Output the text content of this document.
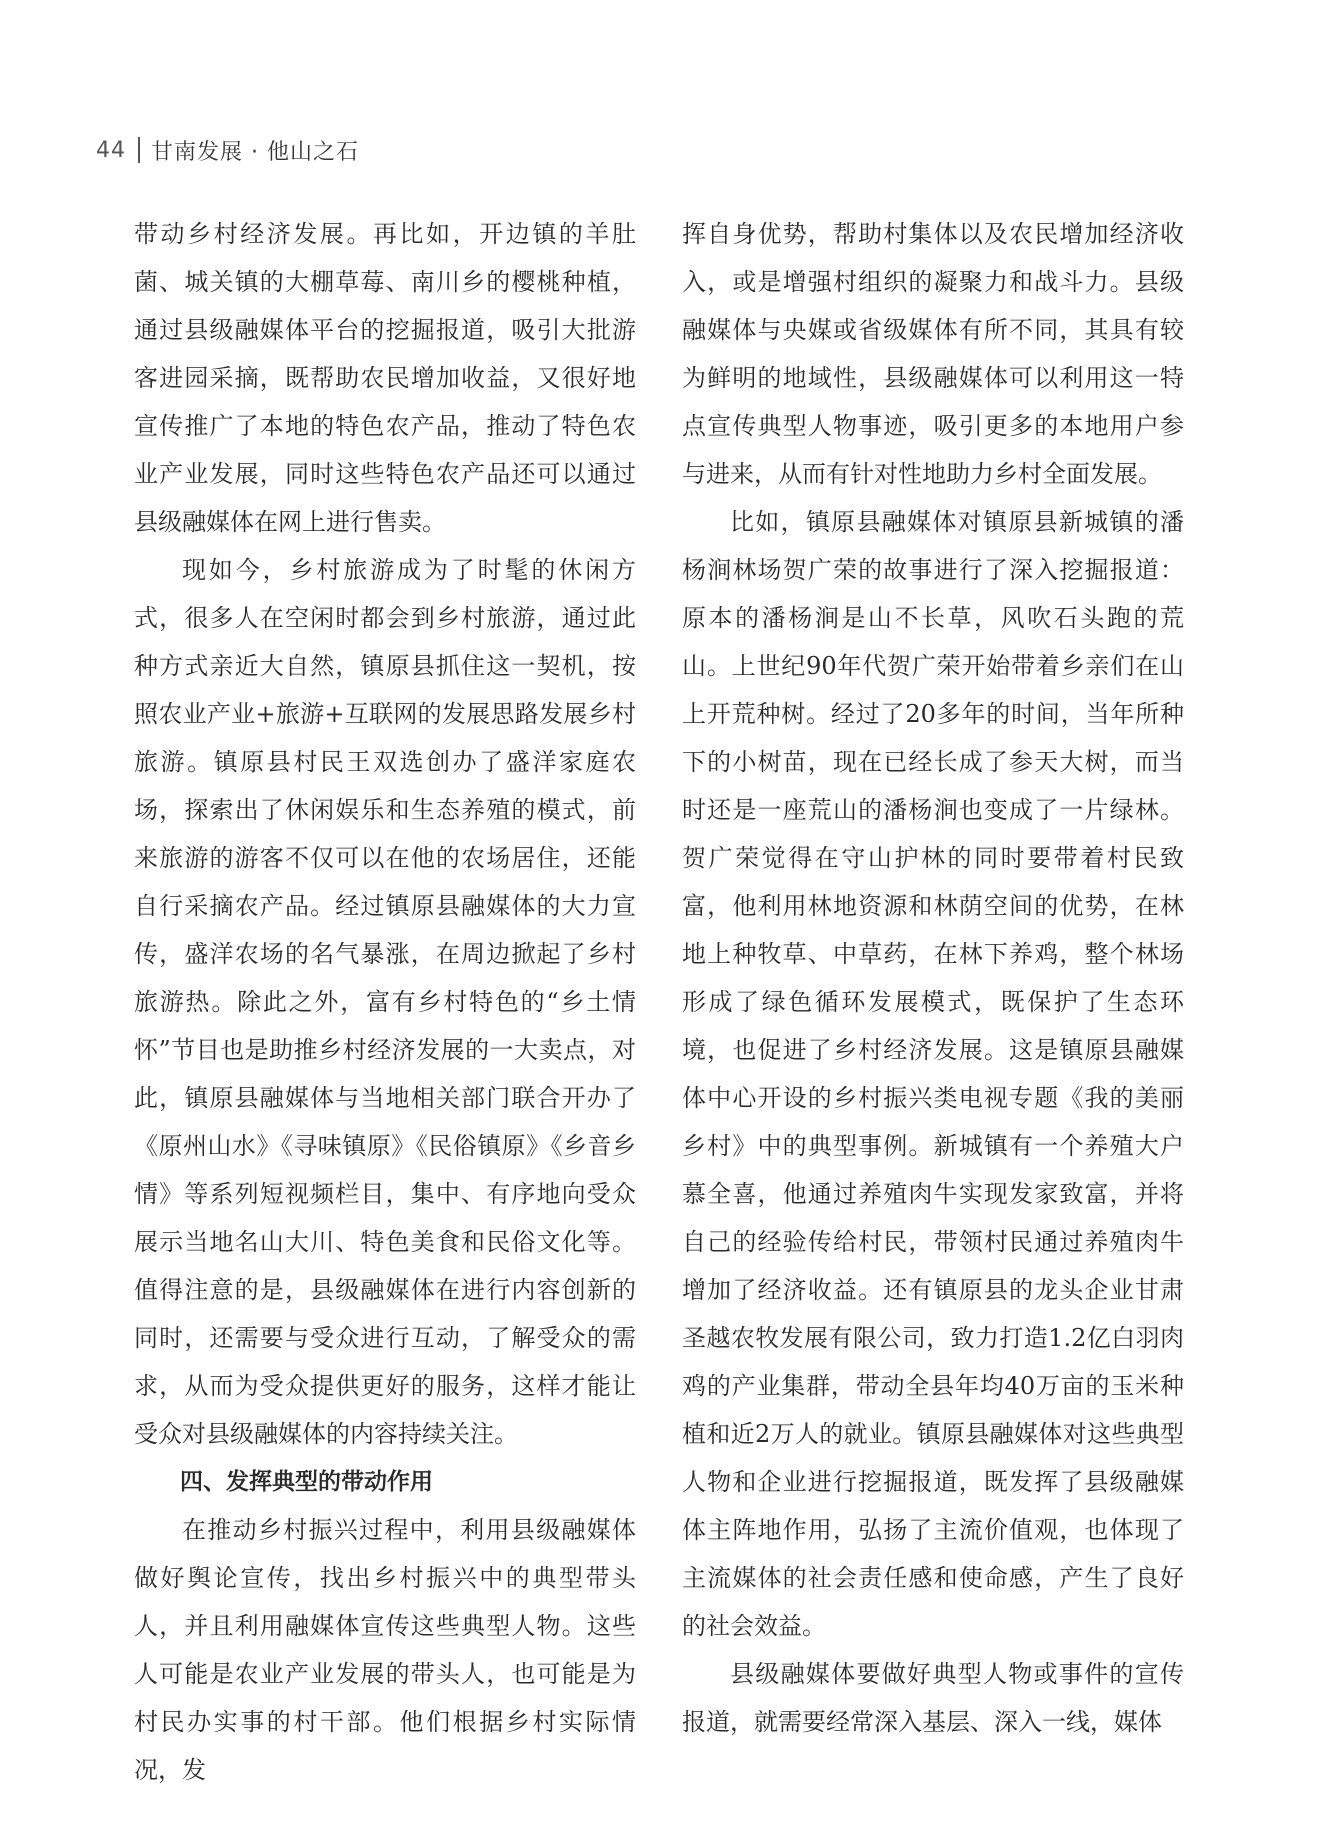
44 甘南发展 · 他山之石

带动乡村经济发展。再比如，开边镇的羊肚菌、城关镇的大棚草莓、南川乡的樱桃种植，通过县级融媒体平台的挖掘报道，吸引大批游客进园采摘，既帮助农民增加收益，又很好地宣传推广了本地的特色农产品，推动了特色农业产业发展，同时这些特色农产品还可以通过县级融媒体在网上进行售卖。

现如今，乡村旅游成为了时髦的休闲方式，很多人在空闲时都会到乡村旅游，通过此种方式亲近大自然，镇原县抓住这一契机，按照农业产业+旅游+互联网的发展思路发展乡村旅游。镇原县村民王双选创办了盛洋家庭农场，探索出了休闲娱乐和生态养殖的模式，前来旅游的游客不仅可以在他的农场居住，还能自行采摘农产品。经过镇原县融媒体的大力宣传，盛洋农场的名气暴涨，在周边掀起了乡村旅游热。除此之外，富有乡村特色的“乡土情怀”节目也是助推乡村经济发展的一大卖点，对此，镇原县融媒体与当地相关部门联合开办了《原州山水》《寻味镇原》《民俗镇原》《乡音乡情》等系列短视频栏目，集中、有序地向受众展示当地名山大川、特色美食和民俗文化等。值得注意的是，县级融媒体在进行内容创新的同时，还需要与受众进行互动，了解受众的需求，从而为受众提供更好的服务，这样才能让受众对县级融媒体的内容持续关注。

四、发挥典型的带动作用

在推动乡村振兴过程中，利用县级融媒体做好舆论宣传，找出乡村振兴中的典型带头人，并且利用融媒体宣传这些典型人物。这些人可能是农业产业发展的带头人，也可能是为村民办实事的村干部。他们根据乡村实际情况，发

挥自身优势，帮助村集体以及农民增加经济收入，或是增强村组织的凝聚力和战斗力。县级融媒体与央媒或省级媒体有所不同，其具有较为鲜明的地域性，县级融媒体可以利用这一特点宣传典型人物事迹，吸引更多的本地用户参与进来，从而有针对性地助力乡村全面发展。

比如，镇原县融媒体对镇原县新城镇的潘杨涧林场贺广荣的故事进行了深入挖掘报道：原本的潘杨涧是山不长草，风吹石头跑的荒山。上世纪90年代贺广荣开始带着乡亲们在山上开荒种树。经过了20多年的时间，当年所种下的小树苗，现在已经长成了参天大树，而当时还是一座荒山的潘杨涧也变成了一片绿林。贺广荣觉得在守山护林的同时要带着村民致富，他利用林地资源和林荫空间的优势，在林地上种牧草、中草药，在林下养鸡，整个林场形成了绿色循环发展模式，既保护了生态环境，也促进了乡村经济发展。这是镇原县融媒体中心开设的乡村振兴类电视专题《我的美丽乡村》中的典型事例。新城镇有一个养殖大户慕全喜，他通过养殖肉牛实现发家致富，并将自己的经验传给村民，带领村民通过养殖肉牛增加了经济收益。还有镇原县的龙头企业甘肃圣越农牧发展有限公司，致力打造1.2亿白羽肉鸡的产业集群，带动全县年均40万亩的玉米种植和近2万人的就业。镇原县融媒体对这些典型人物和企业进行挖掘报道，既发挥了县级融媒体主阵地作用，弘扬了主流价值观，也体现了主流媒体的社会责任感和使命感，产生了良好的社会效益。

县级融媒体要做好典型人物或事件的宣传报道，就需要经常深入基层、深入一线，媒体
